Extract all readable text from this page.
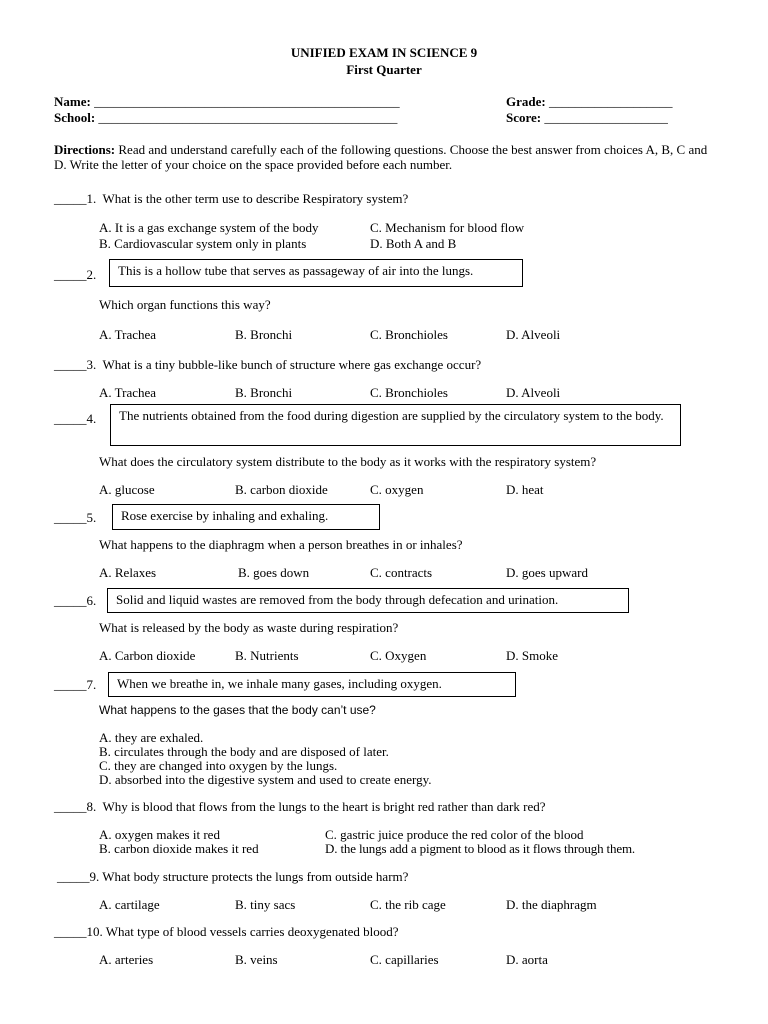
UNIFIED EXAM IN SCIENCE 9
First Quarter
Name: _______________________________________________	Grade: ___________________
School: ______________________________________________	Score: ___________________
Directions: Read and understand carefully each of the following questions. Choose the best answer from choices A, B, C and D. Write the letter of your choice on the space provided before each number.
_____1. What is the other term use to describe Respiratory system?
A. It is a gas exchange system of the body
B. Cardiovascular system only in plants
C. Mechanism for blood flow
D. Both A and B
_____2.	This is a hollow tube that serves as passageway of air into the lungs.
Which organ functions this way?
A. Trachea	B. Bronchi	C. Bronchioles	D. Alveoli
_____3. What is a tiny bubble-like bunch of structure where gas exchange occur?
A. Trachea	B. Bronchi	C. Bronchioles	D. Alveoli
_____4. The nutrients obtained from the food during digestion are supplied by the circulatory system to the body.
What does the circulatory system distribute to the body as it works with the respiratory system?
A. glucose	B. carbon dioxide	C. oxygen	D. heat
_____5.	Rose exercise by inhaling and exhaling.
What happens to the diaphragm when a person breathes in or inhales?
A. Relaxes	B. goes down	C. contracts	D. goes upward
_____6.	Solid and liquid wastes are removed from the body through defecation and urination.
What is released by the body as waste during respiration?
A. Carbon dioxide	B. Nutrients	C. Oxygen	D. Smoke
_____7.	When we breathe in, we inhale many gases, including oxygen.
What happens to the gases that the body can’t use?
A. they are exhaled.
B. circulates through the body and are disposed of later.
C. they are changed into oxygen by the lungs.
D. absorbed into the digestive system and used to create energy.
_____8. Why is blood that flows from the lungs to the heart is bright red rather than dark red?
A. oxygen makes it red
B. carbon dioxide makes it red
C. gastric juice produce the red color of the blood
D. the lungs add a pigment to blood as it flows through them.
_____9. What body structure protects the lungs from outside harm?
A. cartilage	B. tiny sacs	C. the rib cage	D. the diaphragm
_____10. What type of blood vessels carries deoxygenated blood?
A. arteries	B. veins	C. capillaries	D. aorta
